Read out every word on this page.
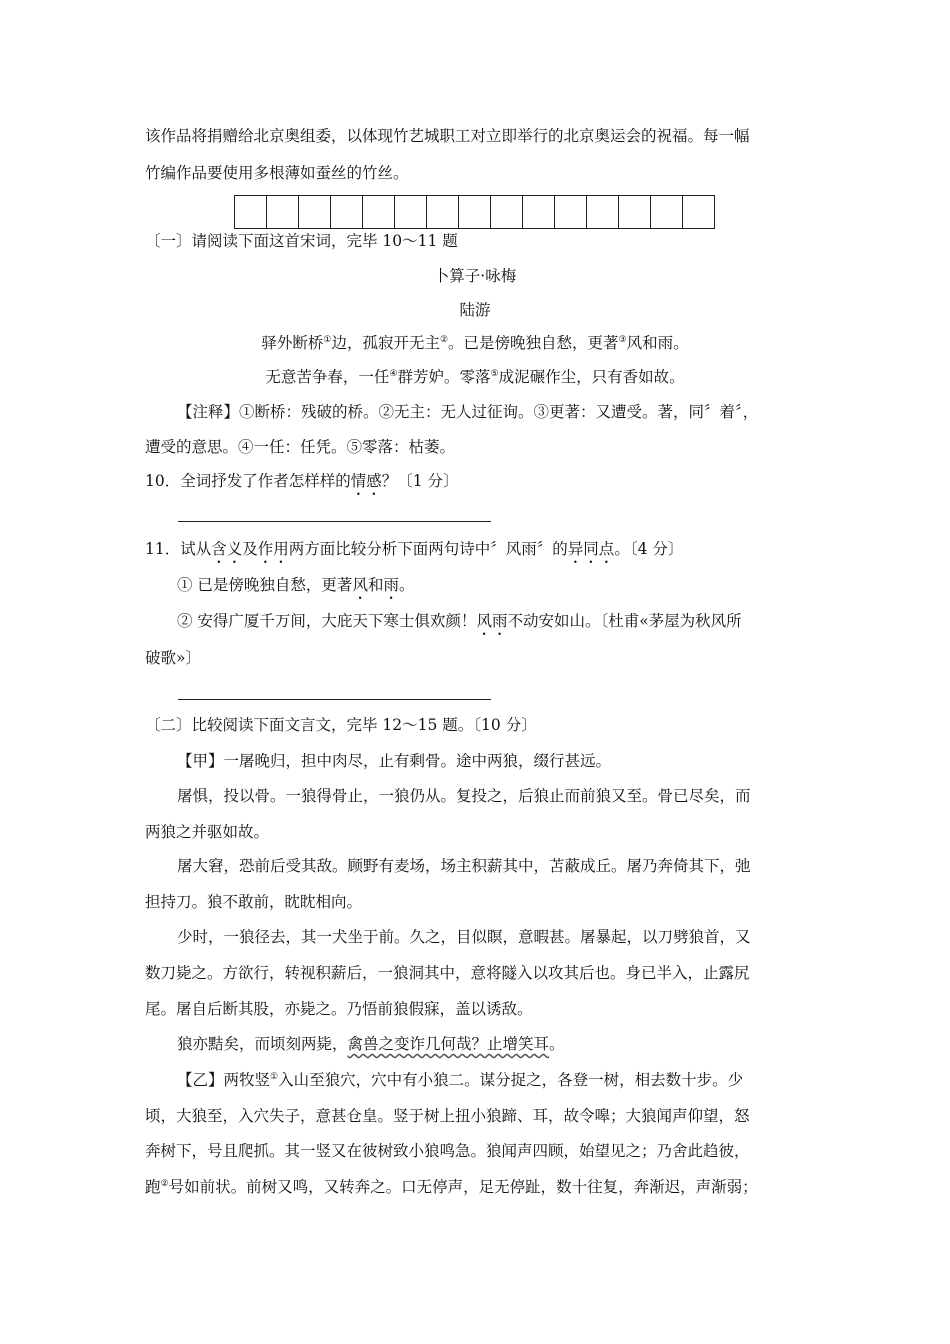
该作品将捐赠给北京奥组委，以体现竹艺城职工对立即举行的北京奥运会的祝福。每一幅
竹编作品要使用多根薄如蚕丝的竹丝。
〔一〕请阅读下面这首宋词，完毕 10～11 题
卜算子·咏梅
陆游
驿外断桥①边，孤寂开无主②。已是傍晚独自愁，更著③风和雨。
无意苦争春，一任④群芳妒。零落⑤成泥碾作尘，只有香如故。
【注释】①断桥：残破的桥。②无主：无人过征询。③更著：又遭受。著，同〞着〞，
遭受的意思。④一任：任凭。⑤零落：枯萎。
10．全词抒发了作者怎样样的情感？〔1 分〕
11．试从含义及作用两方面比较分析下面两句诗中〞风雨〞的异同点。〔4 分〕
① 已是傍晚独自愁，更著风和雨。
② 安得广厦千万间，大庇天下寒士俱欢颜！风雨不动安如山。〔杜甫«茅屋为秋风所
破歌»〕
〔二〕比较阅读下面文言文，完毕 12～15 题。〔10 分〕
【甲】一屠晚归，担中肉尽，止有剩骨。途中两狼，缀行甚远。
屠惧，投以骨。一狼得骨止，一狼仍从。复投之，后狼止而前狼又至。骨已尽矣，而
两狼之并驱如故。
屠大窘，恐前后受其敌。顾野有麦场，场主积薪其中，苫蔽成丘。屠乃奔倚其下，弛
担持刀。狼不敢前，眈眈相向。
少时，一狼径去，其一犬坐于前。久之，目似瞑，意暇甚。屠暴起，以刀劈狼首，又
数刀毙之。方欲行，转视积薪后，一狼洞其中，意将隧入以攻其后也。身已半入，止露尻
尾。屠自后断其股，亦毙之。乃悟前狼假寐，盖以诱敌。
狼亦黠矣，而顷刻两毙，禽兽之变诈几何哉？止增笑耳。
【乙】两牧竖①入山至狼穴，穴中有小狼二。谋分捉之，各登一树，相去数十步。少
顷，大狼至，入穴失子，意甚仓皇。竖于树上扭小狼蹄、耳，故令嗥；大狼闻声仰望，怒
奔树下，号且爬抓。其一竖又在彼树致小狼鸣急。狼闻声四顾，始望见之；乃舍此趋彼，
跑②号如前状。前树又鸣，又转奔之。口无停声，足无停趾，数十往复，奔渐迟，声渐弱；
